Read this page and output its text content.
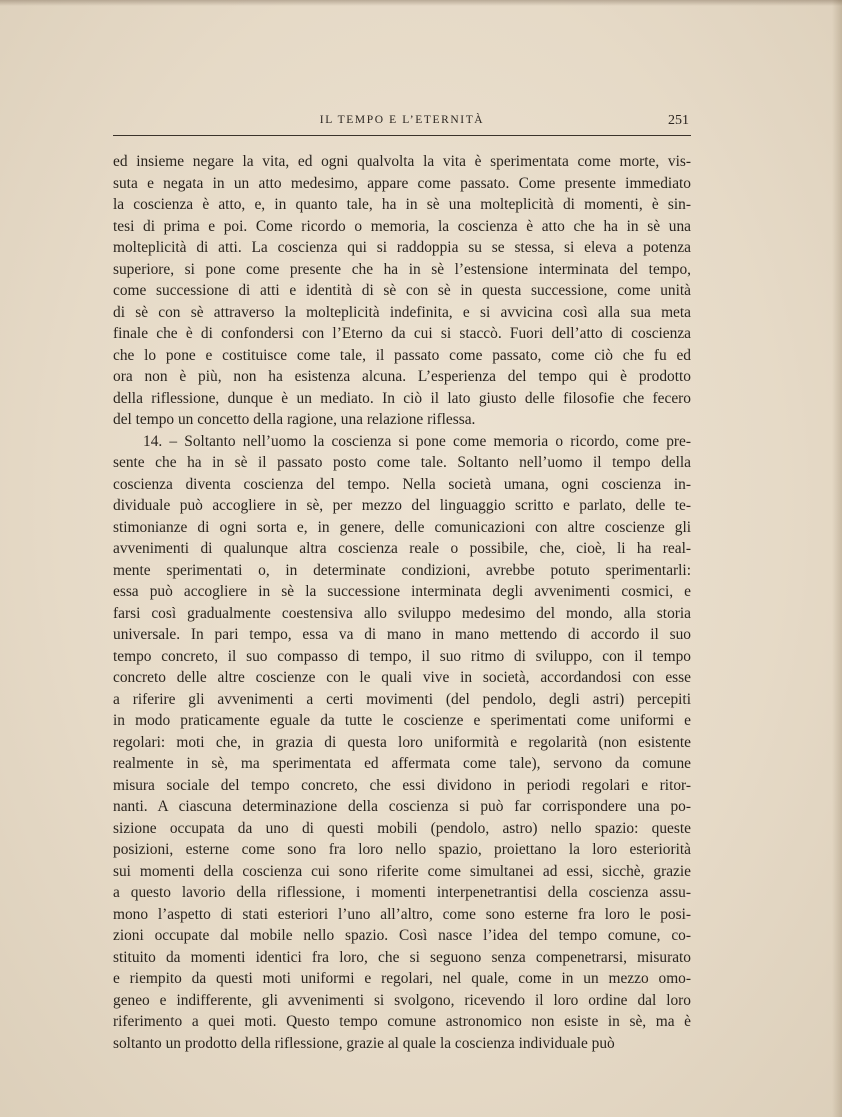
IL TEMPO E L’ETERNITÀ	251
ed insieme negare la vita, ed ogni qualvolta la vita è sperimentata come morte, vis-
suta e negata in un atto medesimo, appare come passato. Come presente immediato
la coscienza è atto, e, in quanto tale, ha in sè una molteplicità di momenti, è sin-
tesi di prima e poi. Come ricordo o memoria, la coscienza è atto che ha in sè una
molteplicità di atti. La coscienza qui si raddoppia su se stessa, si eleva a potenza
superiore, si pone come presente che ha in sè l’estensione interminata del tempo,
come successione di atti e identità di sè con sè in questa successione, come unità
di sè con sè attraverso la molteplicità indefinita, e si avvicina così alla sua meta
finale che è di confondersi con l’Eterno da cui si staccò. Fuori dell’atto di coscienza
che lo pone e costituisce come tale, il passato come passato, come ciò che fu ed
ora non è più, non ha esistenza alcuna. L’esperienza del tempo qui è prodotto
della riflessione, dunque è un mediato. In ciò il lato giusto delle filosofie che fecero
del tempo un concetto della ragione, una relazione riflessa.
14. – Soltanto nell’uomo la coscienza si pone come memoria o ricordo, come pre-
sente che ha in sè il passato posto come tale. Soltanto nell’uomo il tempo della
coscienza diventa coscienza del tempo. Nella società umana, ogni coscienza in-
dividuale può accogliere in sè, per mezzo del linguaggio scritto e parlato, delle te-
stimonianze di ogni sorta e, in genere, delle comunicazioni con altre coscienze gli
avvenimenti di qualunque altra coscienza reale o possibile, che, cioè, li ha real-
mente sperimentati o, in determinate condizioni, avrebbe potuto sperimentarli:
essa può accogliere in sè la successione interminata degli avvenimenti cosmici, e
farsi così gradualmente coestensiva allo sviluppo medesimo del mondo, alla storia
universale. In pari tempo, essa va di mano in mano mettendo di accordo il suo
tempo concreto, il suo compasso di tempo, il suo ritmo di sviluppo, con il tempo
concreto delle altre coscienze con le quali vive in società, accordandosi con esse
a riferire gli avvenimenti a certi movimenti (del pendolo, degli astri) percepiti
in modo praticamente eguale da tutte le coscienze e sperimentati come uniformi e
regolari: moti che, in grazia di questa loro uniformità e regolarità (non esistente
realmente in sè, ma sperimentata ed affermata come tale), servono da comune
misura sociale del tempo concreto, che essi dividono in periodi regolari e ritor-
nanti. A ciascuna determinazione della coscienza si può far corrispondere una po-
sizione occupata da uno di questi mobili (pendolo, astro) nello spazio: queste
posizioni, esterne come sono fra loro nello spazio, proiettano la loro esteriorità
sui momenti della coscienza cui sono riferite come simultanei ad essi, sicchè, grazie
a questo lavorio della riflessione, i momenti interpenetrantisi della coscienza assu-
mono l’aspetto di stati esteriori l’uno all’altro, come sono esterne fra loro le posi-
zioni occupate dal mobile nello spazio. Così nasce l’idea del tempo comune, co-
stituito da momenti identici fra loro, che si seguono senza compenetrarsi, misurato
e riempito da questi moti uniformi e regolari, nel quale, come in un mezzo omo-
geneo e indifferente, gli avvenimenti si svolgono, ricevendo il loro ordine dal loro
riferimento a quei moti. Questo tempo comune astronomico non esiste in sè, ma è
soltanto un prodotto della riflessione, grazie al quale la coscienza individuale può
